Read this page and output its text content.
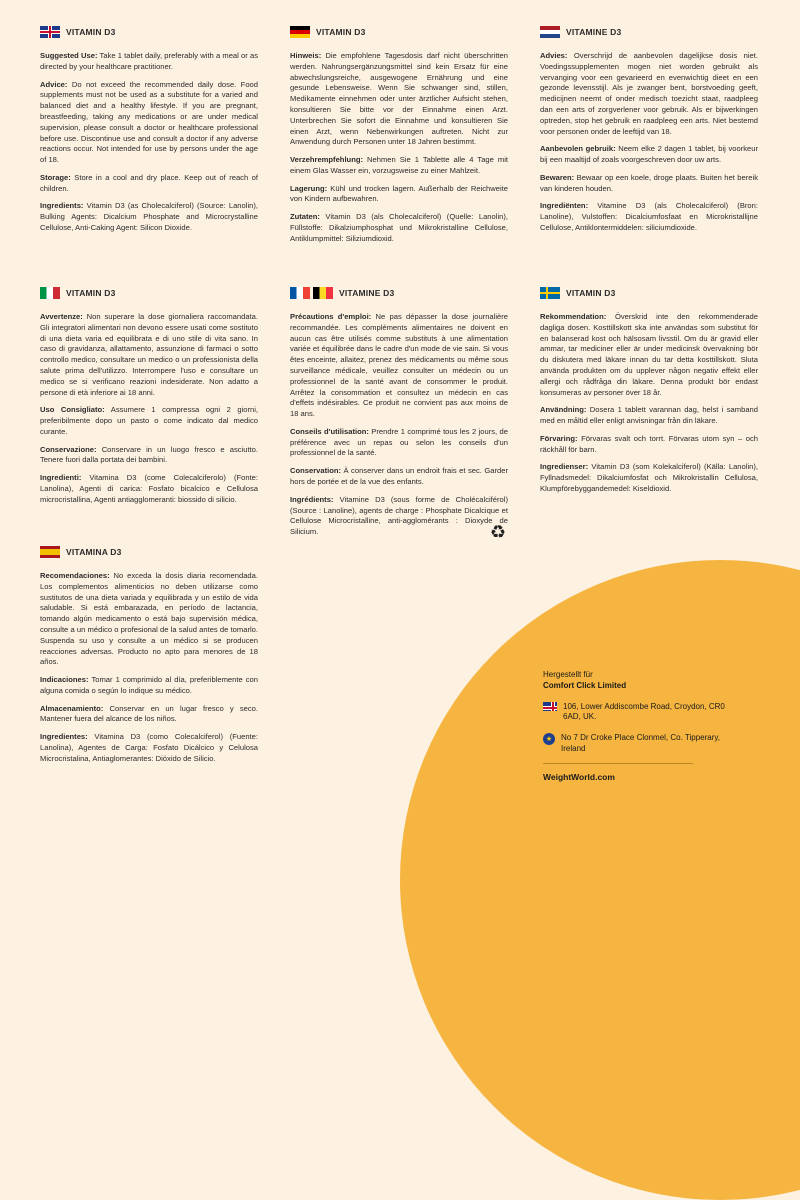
VITAMIN D3

Suggested Use: Take 1 tablet daily, preferably with a meal or as directed by your healthcare practitioner.

Advice: Do not exceed the recommended daily dose. Food supplements must not be used as a substitute for a varied and balanced diet and a healthy lifestyle. If you are pregnant, breastfeeding, taking any medications or are under medical supervision, please consult a doctor or healthcare professional before use. Discontinue use and consult a doctor if any adverse reactions occur. Not intended for use by persons under the age of 18.

Storage: Store in a cool and dry place. Keep out of reach of children.

Ingredients: Vitamin D3 (as Cholecalciferol) (Source: Lanolin), Bulking Agents: Dicalcium Phosphate and Microcrystalline Cellulose, Anti-Caking Agent: Silicon Dioxide.

VITAMIN D3

Hinweis: Die empfohlene Tagesdosis darf nicht überschritten werden. Nahrungsergänzungsmittel sind kein Ersatz für eine abwechslungsreiche, ausgewogene Ernährung und eine gesunde Lebensweise. Wenn Sie schwanger sind, stillen, Medikamente einnehmen oder unter ärztlicher Aufsicht stehen, konsultieren Sie bitte vor der Einnahme einen Arzt. Unterbrechen Sie sofort die Einnahme und konsultieren Sie einen Arzt, wenn Nebenwirkungen auftreten. Nicht zur Anwendung durch Personen unter 18 Jahren bestimmt.

Verzehrempfehlung: Nehmen Sie 1 Tablette alle 4 Tage mit einem Glas Wasser ein, vorzugsweise zu einer Mahlzeit.

Lagerung: Kühl und trocken lagern. Außerhalb der Reichweite von Kindern aufbewahren.

Zutaten: Vitamin D3 (als Cholecalciferol) (Quelle: Lanolin), Füllstoffe: Dikalziumphosphat und Mikrokristalline Cellulose, Antiklumpmittel: Siliziumdioxid.

VITAMINE D3

Advies: Overschrijd de aanbevolen dagelijkse dosis niet. Voedingssupplementen mogen niet worden gebruikt als vervanging voor een gevarieerd en evenwichtig dieet en een gezonde levensstijl. Als je zwanger bent, borstvoeding geeft, medicijnen neemt of onder medisch toezicht staat, raadpleeg dan een arts of zorgverlener voor gebruik. Als er bijwerkingen optreden, stop het gebruik en raadpleeg een arts. Niet bestemd voor personen onder de leeftijd van 18.

Aanbevolen gebruik: Neem elke 2 dagen 1 tablet, bij voorkeur bij een maaltijd of zoals voorgeschreven door uw arts.

Bewaren: Bewaar op een koele, droge plaats. Buiten het bereik van kinderen houden.

Ingrediënten: Vitamine D3 (als Cholecalciferol) (Bron: Lanoline), Vulstoffen: Dicalciumfosfaat en Microkristallijne Cellulose, Antiklontermiddelen: siliciumdioxide.

VITAMIN D3

Avvertenze: Non superare la dose giornaliera raccomandata. Gli integratori alimentari non devono essere usati come sostituto di una dieta varia ed equilibrata e di uno stile di vita sano. In caso di gravidanza, allattamento, assunzione di farmaci o sotto controllo medico, consultare un medico o un professionista della salute prima dell'utilizzo. Interrompere l'uso e consultare un medico se si verificano reazioni indesiderate. Non adatto a persone di età inferiore ai 18 anni.

Uso Consigliato: Assumere 1 compressa ogni 2 giorni, preferibilmente dopo un pasto o come indicato dal medico curante.

Conservazione: Conservare in un luogo fresco e asciutto. Tenere fuori dalla portata dei bambini.

Ingredienti: Vitamina D3 (come Colecalciferolo) (Fonte: Lanolina), Agenti di carica: Fosfato bicalcico e Cellulosa microcristallina, Agenti antiagglomeranti: biossido di silicio.

VITAMINE D3

Précautions d'emploi: Ne pas dépasser la dose journalière recommandée. Les compléments alimentaires ne doivent en aucun cas être utilisés comme substituts à une alimentation variée et équilibrée dans le cadre d'un mode de vie sain. Si vous êtes enceinte, allaitez, prenez des médicaments ou même sous surveillance médicale, veuillez consulter un médecin ou un professionnel de la santé avant de consommer le produit. Arrêtez la consommation et consultez un médecin en cas d'effets indésirables. Ce produit ne convient pas aux moins de 18 ans.

Conseils d'utilisation: Prendre 1 comprimé tous les 2 jours, de préférence avec un repas ou selon les conseils d'un professionnel de la santé.

Conservation: À conserver dans un endroit frais et sec. Garder hors de portée et de la vue des enfants.

Ingrédients: Vitamine D3 (sous forme de Cholécalciférol) (Source : Lanoline), agents de charge : Phosphate Dicalcique et Cellulose Microcristalline, anti-agglomérants : Dioxyde de Silicium.	♻
VITAMIN D3

Rekommendation: Överskrid inte den rekommenderade dagliga dosen. Kosttillskott ska inte användas som substitut för en balanserad kost och hälsosam livsstil. Om du är gravid eller ammar, tar mediciner eller är under medicinsk övervakning bör du diskutera med läkare innan du tar detta kosttillskott. Sluta använda produkten om du upplever någon negativ effekt eller allergi och rådfråga din läkare. Denna produkt bör endast konsumeras av personer över 18 år.

Användning: Dosera 1 tablett varannan dag, helst i samband med en måltid eller enligt anvisningar från din läkare.

Förvaring: Förvaras svalt och torrt. Förvaras utom syn – och räckhåll för barn.

Ingredienser: Vitamin D3 (som Kolekalciferol) (Källa: Lanolin), Fyllnadsmedel: Dikalciumfosfat och Mikrokristallin Cellulosa, Klumpförebyggandemedel: Kiseldioxid.

VITAMINA D3

Recomendaciones: No exceda la dosis diaria recomendada. Los complementos alimenticios no deben utilizarse como sustitutos de una dieta variada y equilibrada y un estilo de vida saludable. Si está embarazada, en período de lactancia, tomando algún medicamento o está bajo supervisión médica, consulte a un médico o profesional de la salud antes de tomarlo. Suspenda su uso y consulte a un médico si se producen reacciones adversas. Producto no apto para menores de 18 años.

Indicaciones: Tomar 1 comprimido al día, preferiblemente con alguna comida o según lo indique su médico.

Almacenamiento: Conservar en un lugar fresco y seco. Mantener fuera del alcance de los niños.

Ingredientes: Vitamina D3 (como Colecalciferol) (Fuente: Lanolina), Agentes de Carga: Fosfato Dicálcico y Celulosa Microcristalina, Antiaglomerantes: Dióxido de Silicio.

Hergestellt für
Comfort Click Limited
106, Lower Addiscombe Road, Croydon, CR0 6AD, UK.
★
No 7 Dr Croke Place Clonmel, Co. Tipperary, Ireland
WeightWorld.com
